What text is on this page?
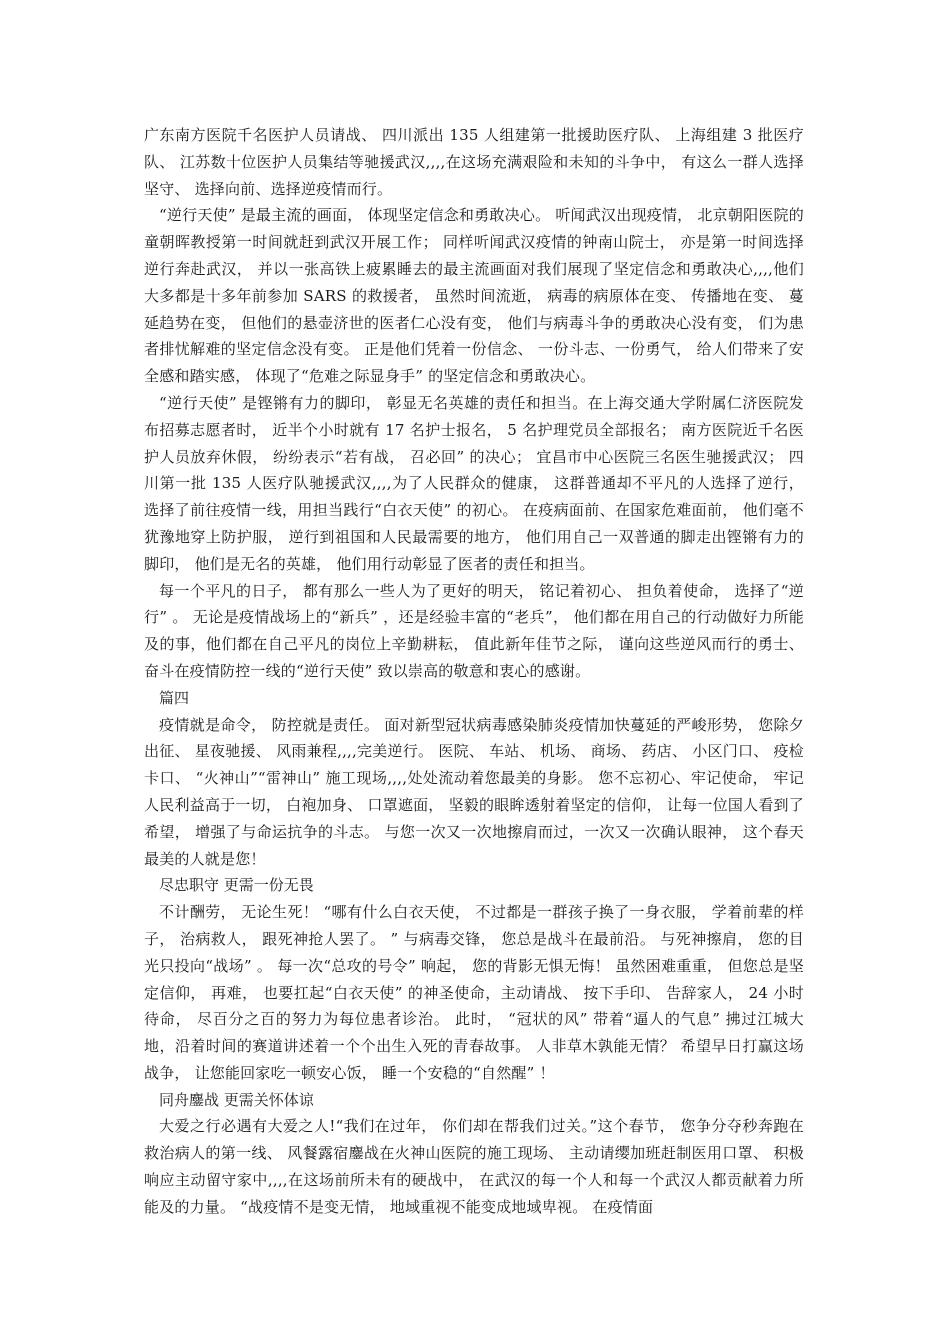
广东南方医院千名医护人员请战、 四川派出 135 人组建第一批援助医疗队、 上海组建 3 批医疗队、 江苏数十位医护人员集结等驰援武汉,,,,在这场充满艰险和未知的斗争中， 有这么一群人选择坚守、 选择向前、选择逆疫情而行。

“逆行天使” 是最主流的画面， 体现坚定信念和勇敢决心。 听闻武汉出现疫情， 北京朝阳医院的童朝晖教授第一时间就赶到武汉开展工作； 同样听闻武汉疫情的钟南山院士， 亦是第一时间选择逆行奔赴武汉， 并以一张高铁上疲累睡去的最主流画面对我们展现了坚定信念和勇敢决心,,,,他们大多都是十多年前参加 SARS 的救援者， 虽然时间流逝， 病毒的病原体在变、 传播地在变、 蔓延趋势在变， 但他们的悬壶济世的医者仁心没有变， 他们与病毒斗争的勇敢决心没有变， 们为患者排忧解难的坚定信念没有变。 正是他们凭着一份信念、 一份斗志、一份勇气， 给人们带来了安全感和踏实感， 体现了“危难之际显身手” 的坚定信念和勇敢决心。

“逆行天使” 是铿锵有力的脚印， 彰显无名英雄的责任和担当。在上海交通大学附属仁济医院发布招募志愿者时， 近半个小时就有 17 名护士报名， 5 名护理党员全部报名； 南方医院近千名医护人员放弃休假， 纷纷表示“若有战， 召必回” 的决心； 宜昌市中心医院三名医生驰援武汉； 四川第一批 135 人医疗队驰援武汉,,,,为了人民群众的健康， 这群普通却不平凡的人选择了逆行， 选择了前往疫情一线，用担当践行“白衣天使” 的初心。 在疫病面前、在国家危难面前， 他们毫不犹豫地穿上防护服， 逆行到祖国和人民最需要的地方， 他们用自己一双普通的脚走出铿锵有力的脚印， 他们是无名的英雄， 他们用行动彰显了医者的责任和担当。

每一个平凡的日子， 都有那么一些人为了更好的明天， 铭记着初心、 担负着使命， 选择了“逆行” 。 无论是疫情战场上的“新兵” ，还是经验丰富的“老兵”， 他们都在用自己的行动做好力所能及的事，他们都在自己平凡的岗位上辛勤耕耘， 值此新年佳节之际， 谨向这些逆风而行的勇士、 奋斗在疫情防控一线的“逆行天使” 致以崇高的敬意和衷心的感谢。

篇四

疫情就是命令， 防控就是责任。 面对新型冠状病毒感染肺炎疫情加快蔓延的严峻形势， 您除夕出征、 星夜驰援、 风雨兼程,,,,完美逆行。 医院、 车站、 机场、 商场、 药店、 小区门口、 疫检卡口、 “火神山”“雷神山” 施工现场,,,,处处流动着您最美的身影。 您不忘初心、牢记使命， 牢记人民利益高于一切， 白袍加身、 口罩遮面， 坚毅的眼眸透射着坚定的信仰， 让每一位国人看到了希望， 增强了与命运抗争的斗志。 与您一次又一次地擦肩而过，一次又一次确认眼神， 这个春天最美的人就是您！

尽忠职守 更需一份无畏

不计酬劳， 无论生死！ “哪有什么白衣天使， 不过都是一群孩子换了一身衣服， 学着前辈的样子， 治病救人， 跟死神抢人罢了。 ” 与病毒交锋， 您总是战斗在最前沿。 与死神擦肩， 您的目光只投向“战场” 。 每一次“总攻的号令” 响起， 您的背影无惧无悔！ 虽然困难重重， 但您总是坚定信仰， 再难， 也要扛起“白衣天使” 的神圣使命，主动请战、 按下手印、 告辞家人， 24 小时待命， 尽百分之百的努力为每位患者诊治。 此时， “冠状的风” 带着“逼人的气息” 拂过江城大地，沿着时间的赛道讲述着一个个出生入死的青春故事。 人非草木孰能无情？ 希望早日打赢这场战争， 让您能回家吃一顿安心饭， 睡一个安稳的“自然醒” ！

同舟鏖战 更需关怀体谅

大爱之行必遇有大爱之人!“我们在过年， 你们却在帮我们过关。”这个春节， 您争分夺秒奔跑在救治病人的第一线、 风餐露宿鏖战在火神山医院的施工现场、 主动请缨加班赶制医用口罩、 积极响应主动留守家中,,,,在这场前所未有的硬战中， 在武汉的每一个人和每一个武汉人都贡献着力所能及的力量。 “战疫情不是变无情， 地域重视不能变成地域卑视。 在疫情面
